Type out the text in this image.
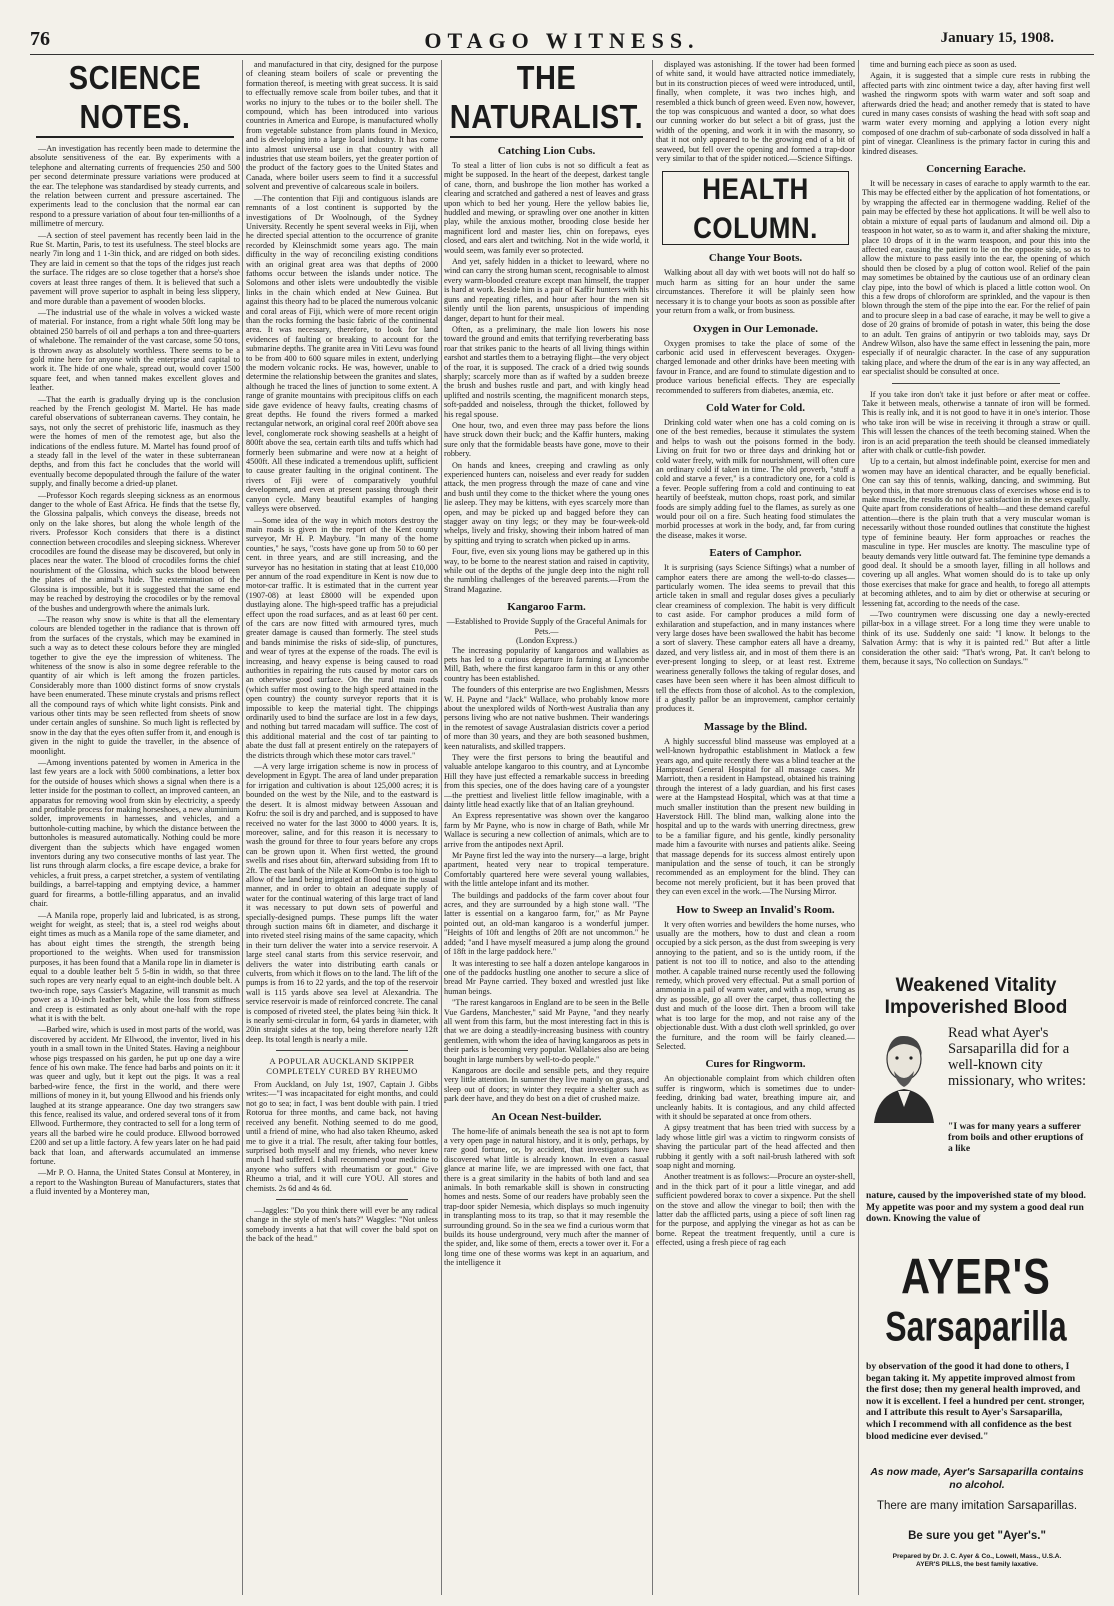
76	OTAGO WITNESS.	January 15, 1908.
SCIENCE NOTES.

—An investigation has recently been made to determine the absolute sensitiveness of the ear. By experiments with a telephone and alternating currents of frequencies 250 and 500 per second determinate pressure variations were produced at the ear. The telephone was standardised by steady currents, and the relation between current and pressure ascertained. The experiments lead to the conclusion that the normal ear can respond to a pressure variation of about four ten-millionths of a millimetre of mercury.

—A section of steel pavement has recently been laid in the Rue St. Martin, Paris, to test its usefulness. The steel blocks are nearly 7in long and 1 1-3in thick, and are ridged on both sides. They are laid in cement so that the tops of the ridges just reach the surface. The ridges are so close together that a horse's shoe covers at least three ranges of them. It is believed that such a pavement will prove superior to asphalt in being less slippery, and more durable than a pavement of wooden blocks.

—The industrial use of the whale in volves a wicked waste of material. For instance, from a right whale 50ft long may be obtained 250 barrels of oil and perhaps a ton and three-quarters of whalebone. The remainder of the vast carcase, some 50 tons, is thrown away as absolutely worthless. There seems to be a gold mine here for anyone with the enterprise and capital to work it. The hide of one whale, spread out, would cover 1500 square feet, and when tanned makes excellent gloves and leather.

—That the earth is gradually drying up is the conclusion reached by the French geologist M. Martel. He has made careful observations of subterranean caverns. They contain, he says, not only the secret of prehistoric life, inasmuch as they were the homes of men of the remotest age, but also the indications of the endless future. M. Martel has found proof of a steady fall in the level of the water in these subterranean depths, and from this fact he concludes that the world will eventually become depopulated through the failure of the water supply, and finally become a dried-up planet.

—Professor Koch regards sleeping sickness as an enormous danger to the whole of East Africa. He finds that the tsetse fly, the Glossina palpalis, which conveys the disease, breeds not only on the lake shores, but along the whole length of the rivers. Professor Koch considers that there is a distinct connection between crocodiles and sleeping sickness. Wherever crocodiles are found the disease may be discovered, but only in places near the water. The blood of crocodiles forms the chief nourishment of the Glossina, which sucks the blood between the plates of the animal's hide. The extermination of the Glossina is impossible, but it is suggested that the same end may be reached by destroying the crocodiles or by the removal of the bushes and undergrowth where the animals lurk.

—The reason why snow is white is that all the elementary colours are blended together in the radiance that is thrown off from the surfaces of the crystals, which may be examined in such a way as to detect these colours before they are mingled together to give the eye the impression of whiteness. The whiteness of the snow is also in some degree referable to the quantity of air which is left among the frozen particles. Considerably more than 1000 distinct forms of snow crystals have been enumerated. These minute crystals and prisms reflect all the compound rays of which white light consists. Pink and various other tints may be seen reflected from sheets of snow under certain angles of sunshine. So much light is reflected by snow in the day that the eyes often suffer from it, and enough is given in the night to guide the traveller, in the absence of moonlight.

—Among inventions patented by women in America in the last few years are a lock with 5000 combinations, a letter box for the outside of houses which shows a signal when there is a letter inside for the postman to collect, an improved canteen, an apparatus for removing wool from skin by electricity, a speedy and profitable process for making horseshoes, a new aluminium solder, improvements in harnesses, and vehicles, and a buttonhole-cutting machine, by which the distance between the buttonholes is measured automatically. Nothing could be more divergent than the subjects which have engaged women inventors during any two consecutive months of last year. The list runs through alarm clocks, a fire escape device, a brake for vehicles, a fruit press, a carpet stretcher, a system of ventilating buildings, a barrel-tapping and emptying device, a hammer guard for firearms, a bottle-filling apparatus, and an invalid chair.

—A Manila rope, properly laid and lubricated, is as strong, weight for weight, as steel; that is, a steel rod weighs about eight times as much as a Manila rope of the same diameter, and has about eight times the strength, the strength being proportioned to the weights. When used for transmission purposes, it has been found that a Manila rope lin in diameter is equal to a double leather belt 5 5-8in in width, so that three such ropes are very nearly equal to an eight-inch double belt. A two-inch rope, says Cassier's Magazine, will transmit as much power as a 10-inch leather belt, while the loss from stiffness and creep is estimated as only about one-half with the rope what it is with the belt.

—Barbed wire, which is used in most parts of the world, was discovered by accident. Mr Ellwood, the inventor, lived in his youth in a small town in the United States. Having a neighbour whose pigs trespassed on his garden, he put up one day a wire fence of his own make. The fence had barbs and points on it: it was queer and ugly, but it kept out the pigs. It was a real barbed-wire fence, the first in the world, and there were millions of money in it, but young Ellwood and his friends only laughed at its strange appearance. One day two strangers saw this fence, realised its value, and ordered several tons of it from Ellwood. Furthermore, they contracted to sell for a long term of years all the barbed wire he could produce. Ellwood borrowed £200 and set up a little factory. A few years later on he had paid back that loan, and afterwards accumulated an immense fortune.

—Mr P. O. Hanna, the United States Consul at Monterey, in a report to the Washington Bureau of Manufacturers, states that a fluid invented by a Monterey man,

and manufactured in that city, designed for the purpose of cleaning steam boilers of scale or preventing the formation thereof, is meeting with great success. It is said to effectually remove scale from boiler tubes, and that it works no injury to the tubes or to the boiler shell. The compound, which has been introduced into various countries in America and Europe, is manufactured wholly from vegetable substance from plants found in Mexico, and is developing into a large local industry. It has come into almost universal use in that country with all industries that use steam boilers, yet the greater portion of the product of the factory goes to the United States and Canada, where boiler users seem to find it a successful solvent and preventive of calcareous scale in boilers.

—The contention that Fiji and contiguous islands are remnants of a lost continent is supported by the investigations of Dr Woolnough, of the Sydney University. Recently he spent several weeks in Fiji, when he directed special attention to the occurrence of granite recorded by Kleinschmidt some years ago. The main difficulty in the way of reconciling existing conditions with an original great area was that depths of 2000 fathoms occur between the islands under notice. The Solomons and other islets were undoubtedly the visible links in the chain which ended at New Guinea. But against this theory had to be placed the numerous volcanic and coral areas of Fiji, which were of more recent origin than the rocks forming the basic fabric of the continental area. It was necessary, therefore, to look for land evidences of faulting or breaking to account for the submarine depths. The granite area in Viti Levu was found to be from 400 to 600 square miles in extent, underlying the modern volcanic rocks. He was, however, unable to determine the relationship between the granites and slates, although he traced the lines of junction to some extent. A range of granite mountains with precipitous cliffs on each side gave evidence of heavy faults, creating chasms of great depths. He found the rivers formed a marked rectangular network, an original coral reef 200ft above sea level, conglomerate rock showing seashells at a height of 800ft above the sea, certain earth tilts and tuffs which had formerly been submarine and were now at a height of 4500ft. All these indicated a tremendous uplift, sufficient to cause greater faulting in the original continent. The rivers of Fiji were of comparatively youthful development, and even at present passing through their canyon cycle. Many beautiful examples of hanging valleys were observed.

—Some idea of the way in which motors destroy the main roads is given in the report of the Kent county surveyor, Mr H. P. Maybury. "In many of the home counties," he says, "costs have gone up from 50 to 60 per cent. in three years, and are still increasing, and the surveyor has no hesitation in stating that at least £10,000 per annum of the road expenditure in Kent is now due to motor-car traffic. It is estimated that in the current year (1907-08) at least £8000 will be expended upon dustlaying alone. The high-speed traffic has a prejudicial effect upon the road surfaces, and as at least 60 per cent. of the cars are now fitted with armoured tyres, much greater damage is caused than formerly. The steel studs and bands minimise the risks of side-slip, of punctures, and wear of tyres at the expense of the roads. The evil is increasing, and heavy expense is being caused to road authorities in repairing the ruts caused by motor cars on an otherwise good surface. On the rural main roads (which suffer most owing to the high speed attained in the open country) the county surveyor reports that it is impossible to keep the material tight. The chippings ordinarily used to bind the surface are lost in a few days, and nothing but tarred macadam will suffice. The cost of this additional material and the cost of tar painting to abate the dust fall at present entirely on the ratepayers of the districts through which these motor cars travel."

—A very large irrigation scheme is now in process of development in Egypt. The area of land under preparation for irrigation and cultivation is about 125,000 acres; it is bounded on the west by the Nile, and to the eastward is the desert. It is almost midway between Assouan and Kofru: the soil is dry and parched, and is supposed to have received no water for the last 3000 to 4000 years. It is, moreover, saline, and for this reason it is necessary to wash the ground for three to four years before any crops can be grown upon it. When first wetted, the ground swells and rises about 6in, afterward subsiding from 1ft to 2ft. The east bank of the Nile at Kom-Ombo is too high to allow of the land being irrigated at flood time in the usual manner, and in order to obtain an adequate supply of water for the continual watering of this large tract of land it was necessary to put down sets of powerful and specially-designed pumps. These pumps lift the water through suction mains 6ft in diameter, and discharge it into riveted steel rising mains of the same capacity, which in their turn deliver the water into a service reservoir. A large steel canal starts from this service reservoir, and delivers the water into distributing earth canals or culverts, from which it flows on to the land. The lift of the pumps is from 16 to 22 yards, and the top of the reservoir wall is 115 yards above sea level at Alexandria. The service reservoir is made of reinforced concrete. The canal is composed of riveted steel, the plates being ¾in thick. It is nearly semi-circular in form, 64 yards in diameter, with 20in straight sides at the top, being therefore nearly 12ft deep. Its total length is nearly a mile.

A POPULAR AUCKLAND SKIPPER COMPLETELY CURED BY RHEUMO

From Auckland, on July 1st, 1907, Captain J. Gibbs writes:—"I was incapacitated for eight months, and could not go to sea; in fact, I was bent double with pain. I tried Rotorua for three months, and came back, not having received any benefit. Nothing seemed to do me good, until a friend of mine, who had also taken Rheumo, asked me to give it a trial. The result, after taking four bottles, surprised both myself and my friends, who never knew much I had suffered. I shall recommend your medicine to anyone who suffers with rheumatism or gout." Give Rheumo a trial, and it will cure YOU. All stores and chemists. 2s 6d and 4s 6d.

—Jaggles: "Do you think there will ever be any radical change in the style of men's hats?" Waggles: "Not unless somebody invents a hat that will cover the bald spot on the back of the head."

THE NATURALIST.
Catching Lion Cubs.

To steal a litter of lion cubs is not so difficult a feat as might be supposed. In the heart of the deepest, darkest tangle of cane, thorn, and bushrope the lion mother has worked a clearing and scratched and gathered a nest of leaves and grass upon which to bed her young. Here the yellow babies lie, huddled and mewing, or sprawling over one another in kitten play, while the anxious mother, brooding close beside her magnificent lord and master lies, chin on forepaws, eyes closed, and ears alert and twitching. Not in the wide world, it would seem, was family ever so protected.

And yet, safely hidden in a thicket to leeward, where no wind can carry the strong human scent, recognisable to almost every warm-blooded creature except man himself, the trapper is hard at work. Beside him is a pair of Kaffir hunters with his guns and repeating rifles, and hour after hour the men sit silently until the lion parents, unsuspicious of impending danger, depart to hunt for their meal.

Often, as a preliminary, the male lion lowers his nose toward the ground and emits that terrifying reverberating bass roar that strikes panic to the hearts of all living things within earshot and startles them to a betraying flight—the very object of the roar, it is supposed. The crack of a dried twig sounds sharply; scarcely more than as if wafted by a sudden breeze the brush and bushes rustle and part, and with kingly head uplifted and nostrils scenting, the magnificent monarch steps, soft-padded and noiseless, through the thicket, followed by his regal spouse.

One hour, two, and even three may pass before the lions have struck down their buck; and the Kaffir hunters, making sure only that the formidable beasts have gone, move to their robbery.

On hands and knees, creeping and crawling as only experienced hunters can, noiseless and ever ready for sudden attack, the men progress through the maze of cane and vine and bush until they come to the thicket where the young ones lie asleep. They may be kittens, with eyes scarcely more than open, and may be picked up and bagged before they can stagger away on tiny legs; or they may be four-week-old whelps, lively and frisky, showing their inborn hatred of man by spitting and trying to scratch when picked up in arms.

Four, five, even six young lions may be gathered up in this way, to be borne to the nearest station and raised in captivity, while out of the depths of the jungle deep into the night roll the rumbling challenges of the bereaved parents.—From the Strand Magazine.

Kangaroo Farm.
—Established to Provide Supply of the Graceful Animals for Pets.—
(London Express.)

The increasing popularity of kangaroos and wallabies as pets has led to a curious departure in farming at Lyncombe Mill, Bath, where the first kangaroo farm in this or any other country has been established.

The founders of this enterprise are two Englishmen, Messrs W. H. Payne and "Jack" Wallace, who probably know more about the unexplored wilds of North-west Australia than any persons living who are not native bushmen. Their wanderings in the remotest of savage Australasian districts cover a period of more than 30 years, and they are both seasoned bushmen, keen naturalists, and skilled trappers.

They were the first persons to bring the beautiful and valuable antelope kangaroo to this country, and at Lyncombe Hill they have just effected a remarkable success in breeding from this species, one of the does having care of a youngster—the prettiest and liveliest little fellow imaginable, with a dainty little head exactly like that of an Italian greyhound.

An Express representative was shown over the kangaroo farm by Mr Payne, who is now in charge of Bath, while Mr Wallace is securing a new collection of animals, which are to arrive from the antipodes next April.

Mr Payne first led the way into the nursery—a large, bright apartment, heated very near to tropical temperature. Comfortably quartered here were several young wallabies, with the little antelope infant and its mother.

The buildings and paddocks of the farm cover about four acres, and they are surrounded by a high stone wall. "The latter is essential on a kangaroo farm, for," as Mr Payne pointed out, an old-man kangaroo is a wonderful jumper. "Heights of 10ft and lengths of 20ft are not uncommon." he added; "and I have myself measured a jump along the ground of 18ft in the large paddock here."

It was interesting to see half a dozen antelope kangaroos in one of the paddocks hustling one another to secure a slice of bread Mr Payne carried. They boxed and wrestled just like human beings.

"The rarest kangaroos in England are to be seen in the Belle Vue Gardens, Manchester," said Mr Payne, "and they nearly all went from this farm, but the most interesting fact in this is that we are doing a steadily-increasing business with country gentlemen, with whom the idea of having kangaroos as pets in their parks is becoming very popular. Wallabies also are being bought in large numbers by well-to-do people."

Kangaroos are docile and sensible pets, and they require very little attention. In summer they live mainly on grass, and sleep out of doors; in winter they require a shelter such as park deer have, and they do best on a diet of crushed maize.

An Ocean Nest-builder.

The home-life of animals beneath the sea is not apt to form a very open page in natural history, and it is only, perhaps, by rare good fortune, or, by accident, that investigators have discovered what little is already known. In even a casual glance at marine life, we are impressed with one fact, that there is a great similarity in the habits of both land and sea animals. In both remarkable skill is shown in constructing homes and nests. Some of our readers have probably seen the trap-door spider Nemesia, which displays so much ingenuity in transplanting moss to its trap, so that it may resemble the surrounding ground. So in the sea we find a curious worm that builds its house underground, very much after the manner of the spider, and, like some of them, erects a tower over it. For a long time one of these worms was kept in an aquarium, and the intelligence it

displayed was astonishing. If the tower had been formed of white sand, it would have attracted notice immediately, but in its construction pieces of weed were introduced, until, finally, when complete, it was two inches high, and resembled a thick bunch of green weed. Even now, however, the top was conspicuous and wanted a door, so what does our cunning worker do but select a bit of grass, just the width of the opening, and work it in with the masonry, so that it not only appeared to be the growing end of a bit of seaweed, but fell over the opening and formed a trap-door very similar to that of the spider noticed.—Science Siftings.

HEALTH COLUMN.
Change Your Boots.

Walking about all day with wet boots will not do half so much harm as sitting for an hour under the same circumstances. Therefore it will be plainly seen how necessary it is to change your boots as soon as possible after your return from a walk, or from business.

Oxygen in Our Lemonade.

Oxygen promises to take the place of some of the carbonic acid used in effervescent beverages. Oxygen-charged lemonade and other drinks have been meeting with favour in France, and are found to stimulate digestion and to produce various beneficial effects. They are especially recommended to sufferers from diabetes, anæmia, etc.

Cold Water for Cold.

Drinking cold water when one has a cold coming on is one of the best remedies, because it stimulates the system and helps to wash out the poisons formed in the body. Living on fruit for two or three days and drinking hot or cold water freely, with milk for nourishment, will often cure an ordinary cold if taken in time. The old proverb, "stuff a cold and starve a fever," is a contradictory one, for a cold is a fever. People suffering from a cold and continuing to eat heartily of beefsteak, mutton chops, roast pork, and similar foods are simply adding fuel to the flames, as surely as one would pour oil on a fire. Such heating food stimulates the morbid processes at work in the body, and, far from curing the disease, makes it worse.

Eaters of Camphor.

It is surprising (says Science Siftings) what a number of camphor eaters there are among the well-to-do classes—particularly women. The idea seems to prevail that this article taken in small and regular doses gives a peculiarly clear creaminess of complexion. The habit is very difficult to cast aside. For camphor produces a mild form of exhilaration and stupefaction, and in many instances where very large doses have been swallowed the habit has become a sort of slavery. These camphor eaters all have a dreamy, dazed, and very listless air, and in most of them there is an ever-present longing to sleep, or at least rest. Extreme weariness generally follows the taking of regular doses, and cases have been seen where it has been almost difficult to tell the effects from those of alcohol. As to the complexion, if a ghastly pallor be an improvement, camphor certainly produces it.

Massage by the Blind.

A highly successful blind masseuse was employed at a well-known hydropathic establishment in Matlock a few years ago, and quite recently there was a blind teacher at the Hampstead General Hospital for all massage cases. Mr Marriott, then a resident in Hampstead, obtained his training through the interest of a lady guardian, and his first cases were at the Hampstead Hospital, which was at that time a much smaller institution than the present new building in Haverstock Hill. The blind man, walking alone into the hospital and up to the wards with unerring directness, grew to be a familiar figure, and his gentle, kindly personality made him a favourite with nurses and patients alike. Seeing that massage depends for its success almost entirely upon manipulation and the sense of touch, it can be strongly recommended as an employment for the blind. They can become not merely proficient, but it has been proved that they can even excel in the work.—The Nursing Mirror.

How to Sweep an Invalid's Room.

It very often worries and bewilders the home nurses, who usually are the mothers, how to dust and clean a room occupied by a sick person, as the dust from sweeping is very annoying to the patient, and so is the untidy room, if the patient is not too ill to notice, and also to the attending mother. A capable trained nurse recently used the following remedy, which proved very effectual. Put a small portion of ammonia in a pail of warm water, and with a mop, wrung as dry as possible, go all over the carpet, thus collecting the dust and much of the loose dirt. Then a broom will take what is too large for the mop, and not raise any of the objectionable dust. With a dust cloth well sprinkled, go over the furniture, and the room will be fairly cleaned.—Selected.

Cures for Ringworm.

An objectionable complaint from which children often suffer is ringworm, which is sometimes due to under-feeding, drinking bad water, breathing impure air, and uncleanly habits. It is contagious, and any child affected with it should be separated at once from others.

A gipsy treatment that has been tried with success by a lady whose little girl was a victim to ringworm consists of shaving the particular part of the head affected and then rubbing it gently with a soft nail-brush lathered with soft soap night and morning.

Another treatment is as follows:—Procure an oyster-shell, and in the thick part of it pour a little vinegar, and add sufficient powdered borax to cover a sixpence. Put the shell on the stove and allow the vinegar to boil; then with the latter dab the afflicted parts, using a piece of soft linen rag for the purpose, and applying the vinegar as hot as can be borne. Repeat the treatment frequently, until a cure is effected, using a fresh piece of rag each

time and burning each piece as soon as used.

Again, it is suggested that a simple cure rests in rubbing the affected parts with zinc ointment twice a day, after having first well washed the ringworm spots with warm water and soft soap and afterwards dried the head; and another remedy that is stated to have cured in many cases consists of washing the head with soft soap and warm water every morning and applying a lotion every night composed of one drachm of sub-carbonate of soda dissolved in half a pint of vinegar. Cleanliness is the primary factor in curing this and kindred diseases.

Concerning Earache.

It will be necessary in cases of earache to apply warmth to the ear. This may be effected either by the application of hot fomentations, or by wrapping the affected ear in thermogene wadding. Relief of the pain may be effected by these hot applications. It will be well also to obtain a mixture of equal parts of laudanum and almond oil. Dip a teaspoon in hot water, so as to warm it, and after shaking the mixture, place 10 drops of it in the warm teaspoon, and pour this into the affected ear, causing the patient to lie on the opposite side, so as to allow the mixture to pass easily into the ear, the opening of which should then be closed by a plug of cotton wool. Relief of the pain may sometimes be obtained by the cautious use of an ordinary clean clay pipe, into the bowl of which is placed a little cotton wool. On this a few drops of chloroform are sprinkled, and the vapour is then blown through the stem of the pipe into the ear. For the relief of pain and to procure sleep in a bad case of earache, it may be well to give a dose of 20 grains of bromide of potash in water, this being the dose to an adult. Ten grains of antipyrin or two tabloids may, says Dr Andrew Wilson, also have the same effect in lessening the pain, more especially if of neuralgic character. In the case of any suppuration taking place, and where the drum of the ear is in any way affected, an ear specialist should be consulted at once.

If you take iron don't take it just before or after meat or coffee. Take it between meals, otherwise a tannate of iron will be formed. This is really ink, and it is not good to have it in one's interior. Those who take iron will be wise in receiving it through a straw or quill. This will lessen the chances of the teeth becoming stained. When the iron is an acid preparation the teeth should be cleansed immediately after with chalk or cuttle-fish powder.

Up to a certain, but almost indefinable point, exercise for men and women may have an identical character, and be equally beneficial. One can say this of tennis, walking, dancing, and swimming. But beyond this, in that more strenuous class of exercises whose end is to make muscle, the results do not give satisfaction in the sexes equally. Quite apart from considerations of health—and these demand careful attention—there is the plain truth that a very muscular woman is necessarily without those rounded outlines that constitute the highest type of feminine beauty. Her form approaches or reaches the masculine in type. Her muscles are knotty. The masculine type of beauty demands very little outward fat. The feminine type demands a good deal. It should be a smooth layer, filling in all hollows and covering up all angles. What women should do is to take up only those exercises that make for grace and health, to forego all attempts at becoming athletes, and to aim by diet or otherwise at securing or lessening fat, according to the needs of the case.

—Two countrymen were discussing one day a newly-erected pillar-box in a village street. For a long time they were unable to think of its use. Suddenly one said: "I know. It belongs to the Salvation Army: that is why it is painted red." But after a little consideration the other said: "That's wrong, Pat. It can't belong to them, because it says, 'No collection on Sundays.'"

Weakened Vitality
Impoverished Blood
Read what Ayer's Sarsaparilla did for a well-known city missionary, who writes:
"I was for many years a sufferer from boils and other eruptions of a like
nature, caused by the impoverished state of my blood. My appetite was poor and my system a good deal run down. Knowing the value of
AYER'S
Sarsaparilla
by observation of the good it had done to others, I began taking it. My appetite improved almost from the first dose; then my general health improved, and now it is excellent. I feel a hundred per cent. stronger, and I attribute this result to Ayer's Sarsaparilla, which I recommend with all confidence as the best blood medicine ever devised."
As now made, Ayer's Sarsaparilla contains no alcohol.
There are many imitation Sarsaparillas.
Be sure you get "Ayer's."
Prepared by Dr. J. C. Ayer & Co., Lowell, Mass., U.S.A.
AYER'S PILLS, the best family laxative.
